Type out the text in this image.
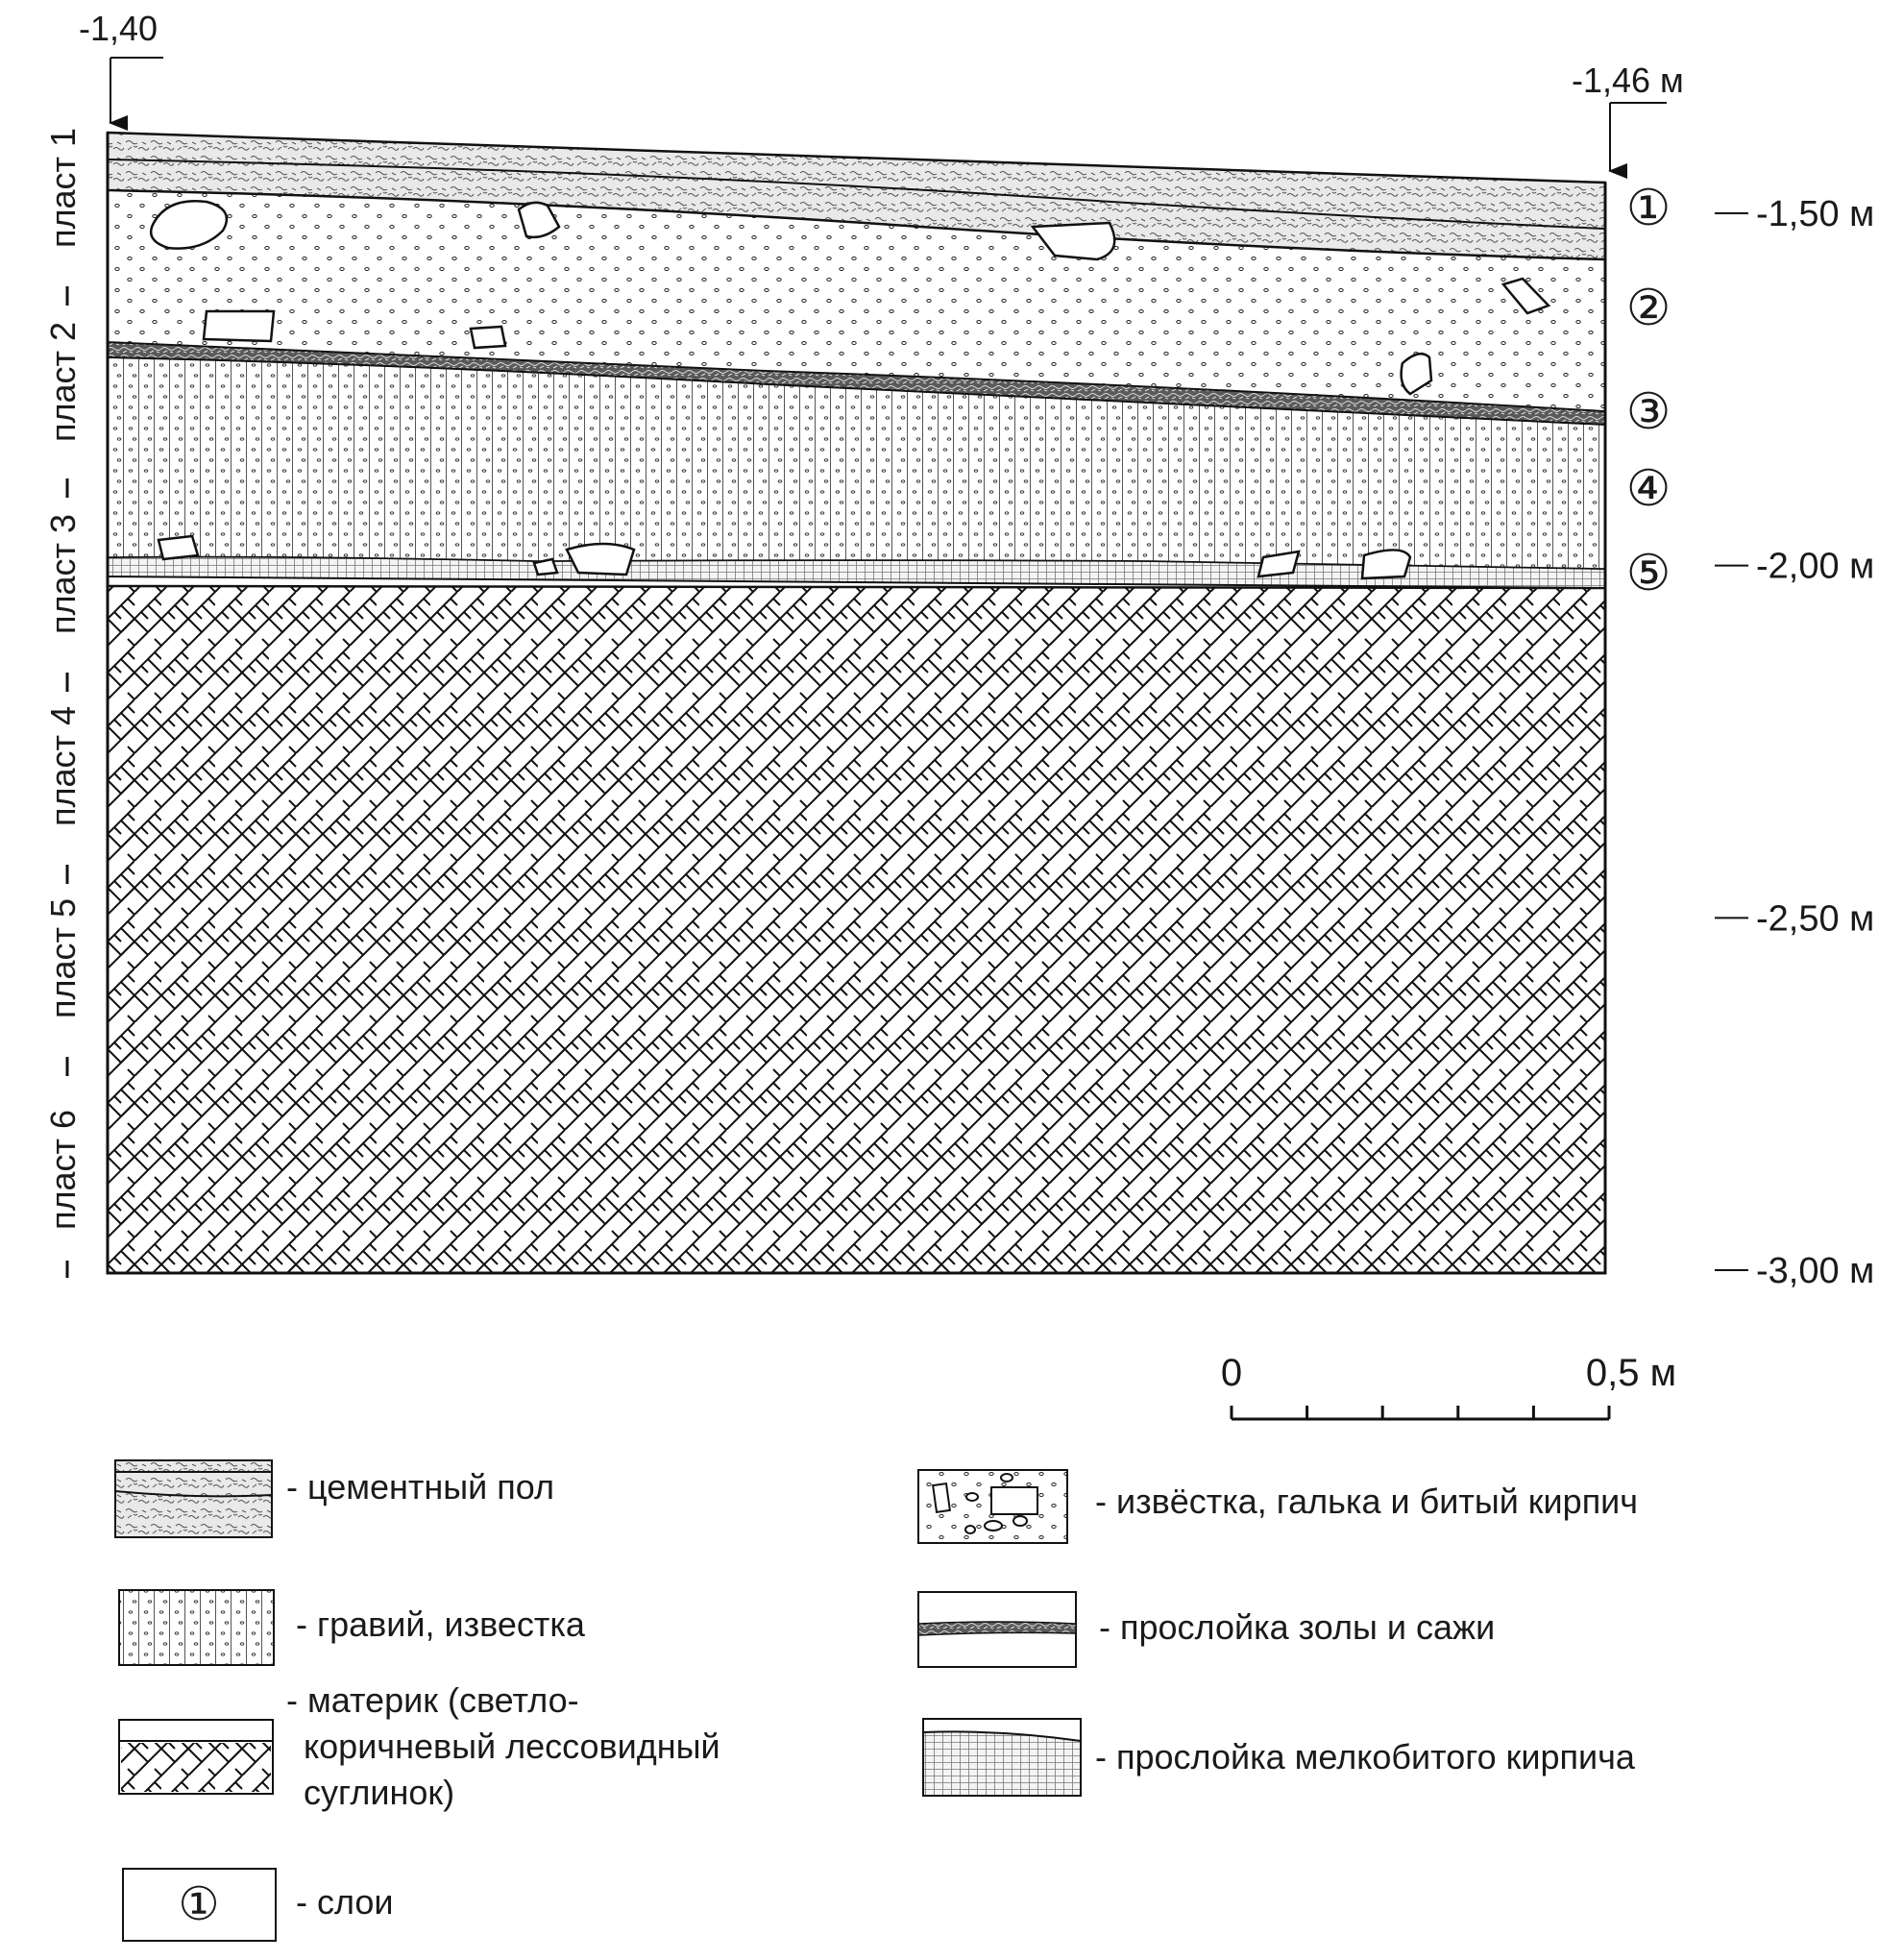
-1,40
-1,46 м
пласт 1
пласт 2
пласт 3
пласт 4
пласт 5
пласт 6
①
②
③
④
⑤
-1,50 м
-2,00 м
-2,50 м
-3,00 м
0	0,5 м
- цементный пол	- извёстка, галька и битый кирпич
- гравий, известка	- прослойка золы и сажи
- материк (светло-
коричневый лессовидный
суглинок)
- прослойка мелкобитого кирпича
① - слои
